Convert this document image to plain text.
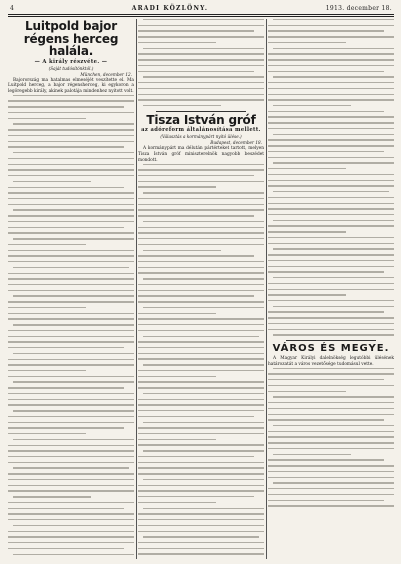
4	ARADI KÖZLÖNY.	1913. december 18.
Luitpold bajor régens herceg halála.
— A király részvéte. —
(Saját tudósítónktól.)
München, december 12.

Bajorország ma hatalmas elmeséjét veszítette el. Ma Luitpold herceg, a bajor régensherceg, ki egykoron a legöregebb király, akinek palotája mindenhez nyitott volt.

Tisza István gróf
az adóreform általánosítása mellett.
(Választás a kormánypárt nyitó ülése.)
Budapest, december 18.

A kormánypárt ma délután pártérteket tartott, melyen Tisza István gróf miniszterelnök nagyobb beszédet mondott.

VÁROS ÉS MEGYE.

A Magyar Királyi dalelnökség legutóbbi ülésének határozatát a város vezetősége tudomásul vette.
